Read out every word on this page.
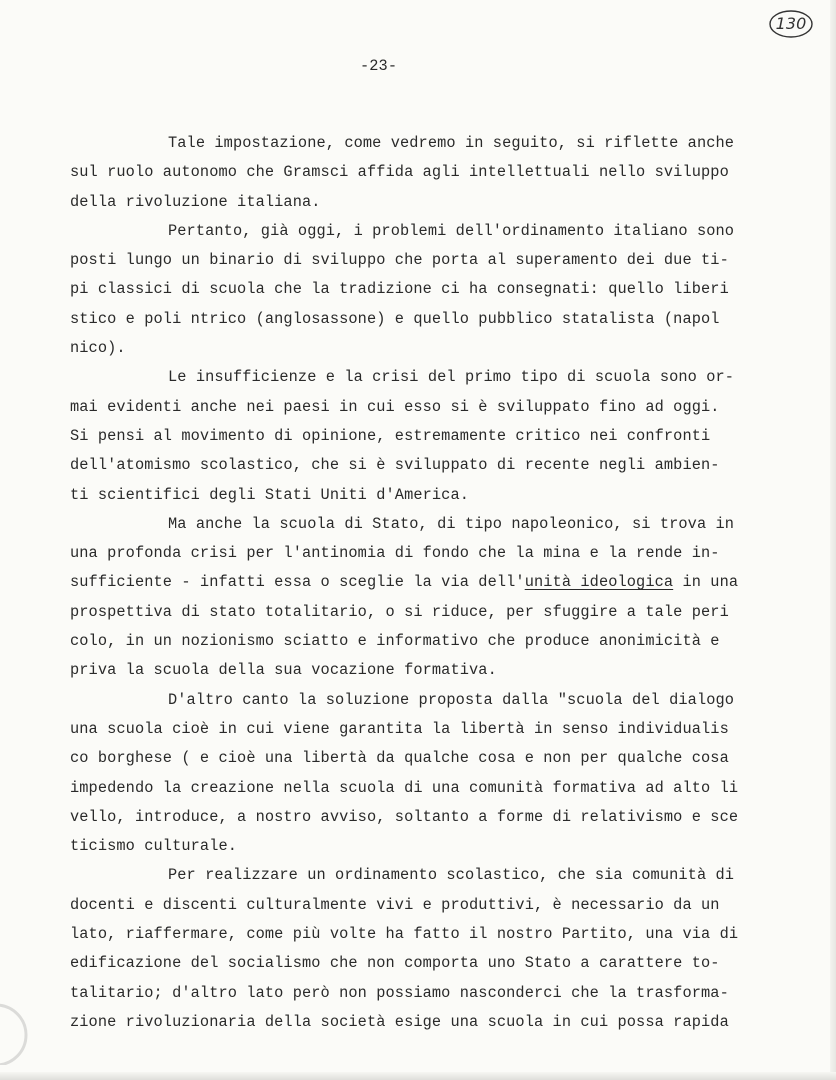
130
-23-
Tale impostazione, come vedremo in seguito, si riflette anche
sul ruolo autonomo che Gramsci affida agli intellettuali nello sviluppo
della rivoluzione italiana.
Pertanto, già oggi, i problemi dell'ordinamento italiano sono
posti lungo un binario di sviluppo che porta al superamento dei due ti-
pi classici di scuola che la tradizione ci ha consegnati: quello liberi
stico e poli ntrico (anglosassone) e quello pubblico statalista (napol
nico).
Le insufficienze e la crisi del primo tipo di scuola sono or-
mai evidenti anche nei paesi in cui esso si è sviluppato fino ad oggi.
Si pensi al movimento di opinione, estremamente critico nei confronti
dell'atomismo scolastico, che si è sviluppato di recente negli ambien-
ti scientifici degli Stati Uniti d'America.
Ma anche la scuola di Stato, di tipo napoleonico, si trova in
una profonda crisi per l'antinomia di fondo che la mina e la rende in-
sufficiente - infatti essa o sceglie la via dell'unità ideologica in una
prospettiva di stato totalitario, o si riduce, per sfuggire a tale peri
colo, in un nozionismo sciatto e informativo che produce anonimicità e
priva la scuola della sua vocazione formativa.
D'altro canto la soluzione proposta dalla "scuola del dialogo
una scuola cioè in cui viene garantita la libertà in senso individualis
co borghese ( e cioè una libertà da qualche cosa e non per qualche cosa
impedendo la creazione nella scuola di una comunità formativa ad alto li
vello, introduce, a nostro avviso, soltanto a forme di relativismo e sce
ticismo culturale.
Per realizzare un ordinamento scolastico, che sia comunità di
docenti e discenti culturalmente vivi e produttivi, è necessario da un
lato, riaffermare, come più volte ha fatto il nostro Partito, una via di
edificazione del socialismo che non comporta uno Stato a carattere to-
talitario; d'altro lato però non possiamo nasconderci che la trasforma-
zione rivoluzionaria della società esige una scuola in cui possa rapida
